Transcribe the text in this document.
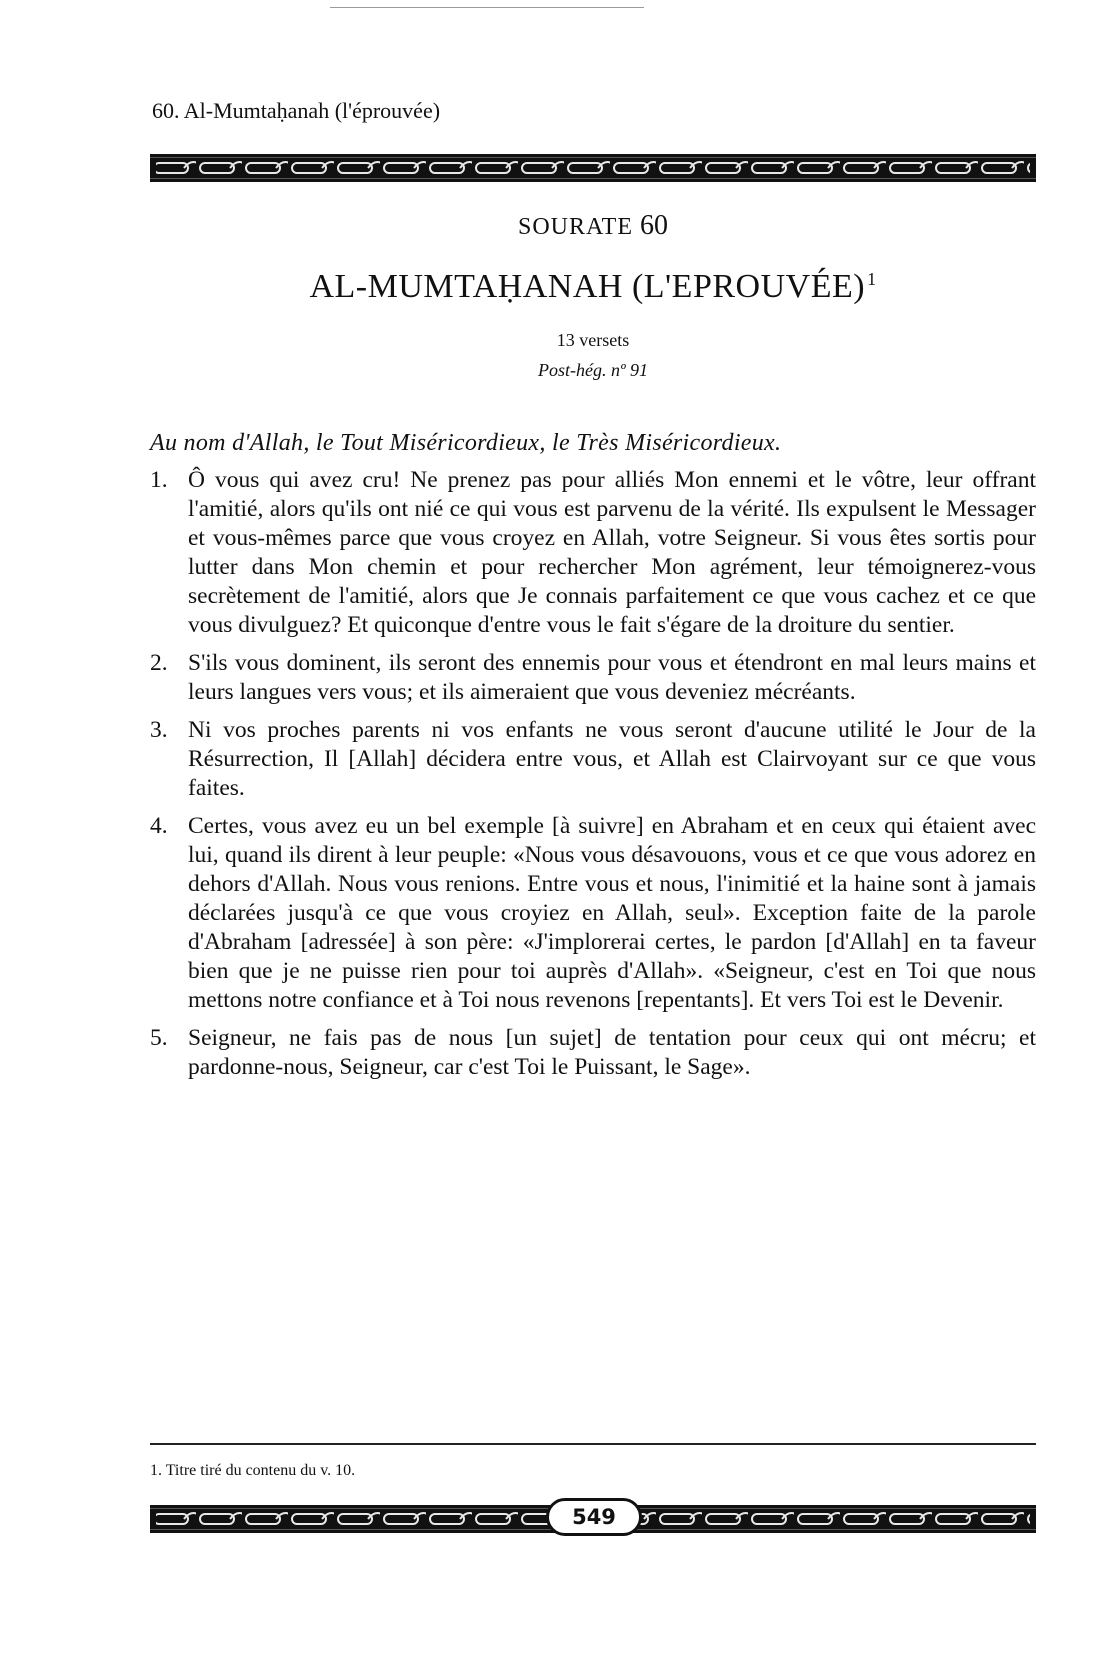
60. Al-Mumtaḥanah (l'éprouvée)
SOURATE 60
AL-MUMTAḤANAH (L'EPROUVÉE) $^1$
13 versets
Post-hég. nº 91
Au nom d'Allah, le Tout Miséricordieux, le Très Miséricordieux.
1. Ô vous qui avez cru! Ne prenez pas pour alliés Mon ennemi et le vôtre, leur offrant l'amitié, alors qu'ils ont nié ce qui vous est parvenu de la vérité. Ils expulsent le Messager et vous-mêmes parce que vous croyez en Allah, votre Seigneur. Si vous êtes sortis pour lutter dans Mon chemin et pour rechercher Mon agrément, leur témoignerez-vous secrètement de l'amitié, alors que Je connais parfaitement ce que vous cachez et ce que vous divulguez? Et quiconque d'entre vous le fait s'égare de la droiture du sentier.
2. S'ils vous dominent, ils seront des ennemis pour vous et étendront en mal leurs mains et leurs langues vers vous; et ils aimeraient que vous deveniez mécréants.
3. Ni vos proches parents ni vos enfants ne vous seront d'aucune utilité le Jour de la Résurrection, Il [Allah] décidera entre vous, et Allah est Clairvoyant sur ce que vous faites.
4. Certes, vous avez eu un bel exemple [à suivre] en Abraham et en ceux qui étaient avec lui, quand ils dirent à leur peuple: «Nous vous désavouons, vous et ce que vous adorez en dehors d'Allah. Nous vous renions. Entre vous et nous, l'inimitié et la haine sont à jamais déclarées jusqu'à ce que vous croyiez en Allah, seul». Exception faite de la parole d'Abraham [adressée] à son père: «J'implorerai certes, le pardon [d'Allah] en ta faveur bien que je ne puisse rien pour toi auprès d'Allah». «Seigneur, c'est en Toi que nous mettons notre confiance et à Toi nous revenons [repentants]. Et vers Toi est le Devenir.
5. Seigneur, ne fais pas de nous [un sujet] de tentation pour ceux qui ont mécru; et pardonne-nous, Seigneur, car c'est Toi le Puissant, le Sage».
1. Titre tiré du contenu du v. 10.
549
